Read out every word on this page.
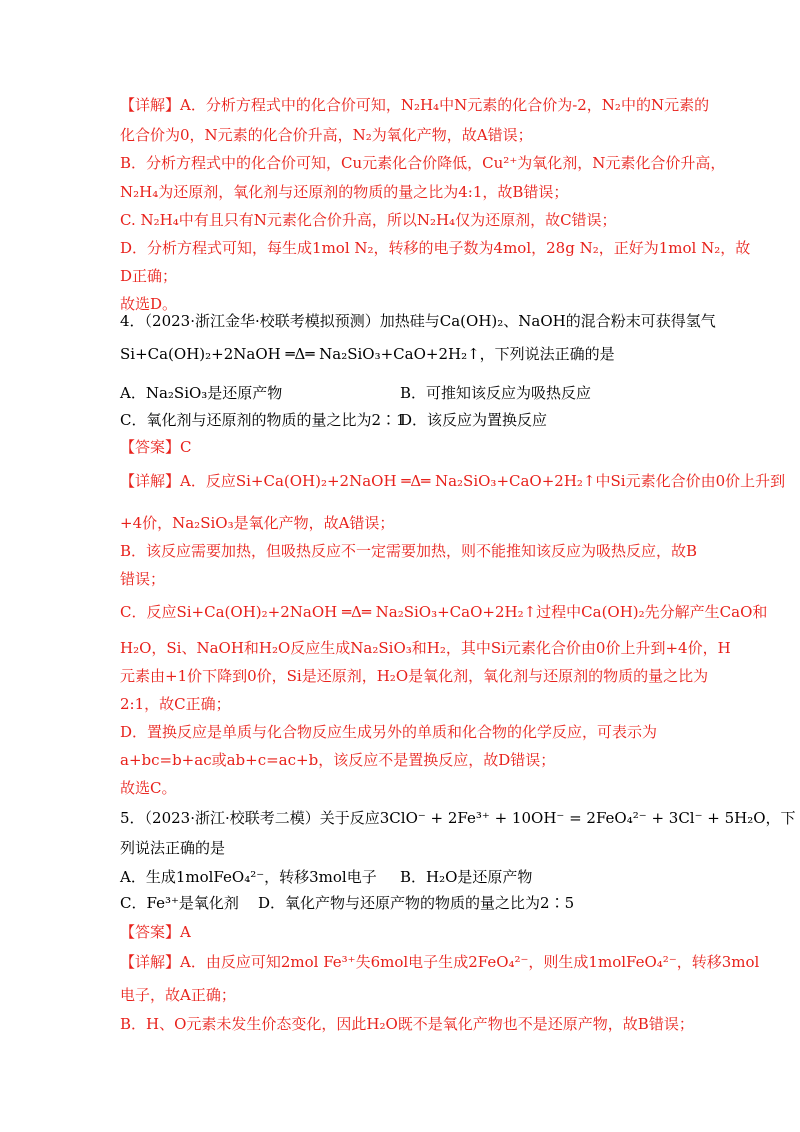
【详解】A．分析方程式中的化合价可知，N₂H₄中N元素的化合价为-2，N₂中的N元素的
化合价为0，N元素的化合价升高，N₂为氧化产物，故A错误；
B．分析方程式中的化合价可知，Cu元素化合价降低，Cu²⁺为氧化剂，N元素化合价升高，
N₂H₄为还原剂，氧化剂与还原剂的物质的量之比为4:1，故B错误；
C. N₂H₄中有且只有N元素化合价升高，所以N₂H₄仅为还原剂，故C错误；
D．分析方程式可知，每生成1mol N₂，转移的电子数为4mol，28g N₂，正好为1mol N₂，故
D正确；
故选D。
4．（2023·浙江金华·校联考模拟预测）加热硅与Ca(OH)₂、NaOH的混合粉末可获得氢气
Si+Ca(OH)₂+2NaOH ═Δ═ Na₂SiO₃+CaO+2H₂↑，下列说法正确的是
【答案】C
【详解】A．反应Si+Ca(OH)₂+2NaOH ═Δ═ Na₂SiO₃+CaO+2H₂↑中Si元素化合价由0价上升到
+4价，Na₂SiO₃是氧化产物，故A错误；
B．该反应需要加热，但吸热反应不一定需要加热，则不能推知该反应为吸热反应，故B
错误；
C．反应Si+Ca(OH)₂+2NaOH ═Δ═ Na₂SiO₃+CaO+2H₂↑过程中Ca(OH)₂先分解产生CaO和
H₂O，Si、NaOH和H₂O反应生成Na₂SiO₃和H₂，其中Si元素化合价由0价上升到+4价，H
元素由+1价下降到0价，Si是还原剂，H₂O是氧化剂，氧化剂与还原剂的物质的量之比为
2:1，故C正确；
D．置换反应是单质与化合物反应生成另外的单质和化合物的化学反应，可表示为
a+bc=b+ac或ab+c=ac+b，该反应不是置换反应，故D错误；
故选C。
5．（2023·浙江·校联考二模）关于反应3ClO⁻ + 2Fe³⁺ + 10OH⁻ = 2FeO₄²⁻ + 3Cl⁻ + 5H₂O，下
列说法正确的是
【答案】A
【详解】A．由反应可知2mol Fe³⁺失6mol电子生成2FeO₄²⁻，则生成1molFeO₄²⁻，转移3mol
电子，故A正确；
B．H、O元素未发生价态变化，因此H₂O既不是氧化产物也不是还原产物，故B错误；
A．Na₂SiO₃是还原产物	B．可推知该反应为吸热反应
C．氧化剂与还原剂的物质的量之比为2∶1
D．该反应为置换反应
A．生成1molFeO₄²⁻，转移3mol电子 B．H₂O是还原产物
C．Fe³⁺是氧化剂 D．氧化产物与还原产物的物质的量之比为2∶5
